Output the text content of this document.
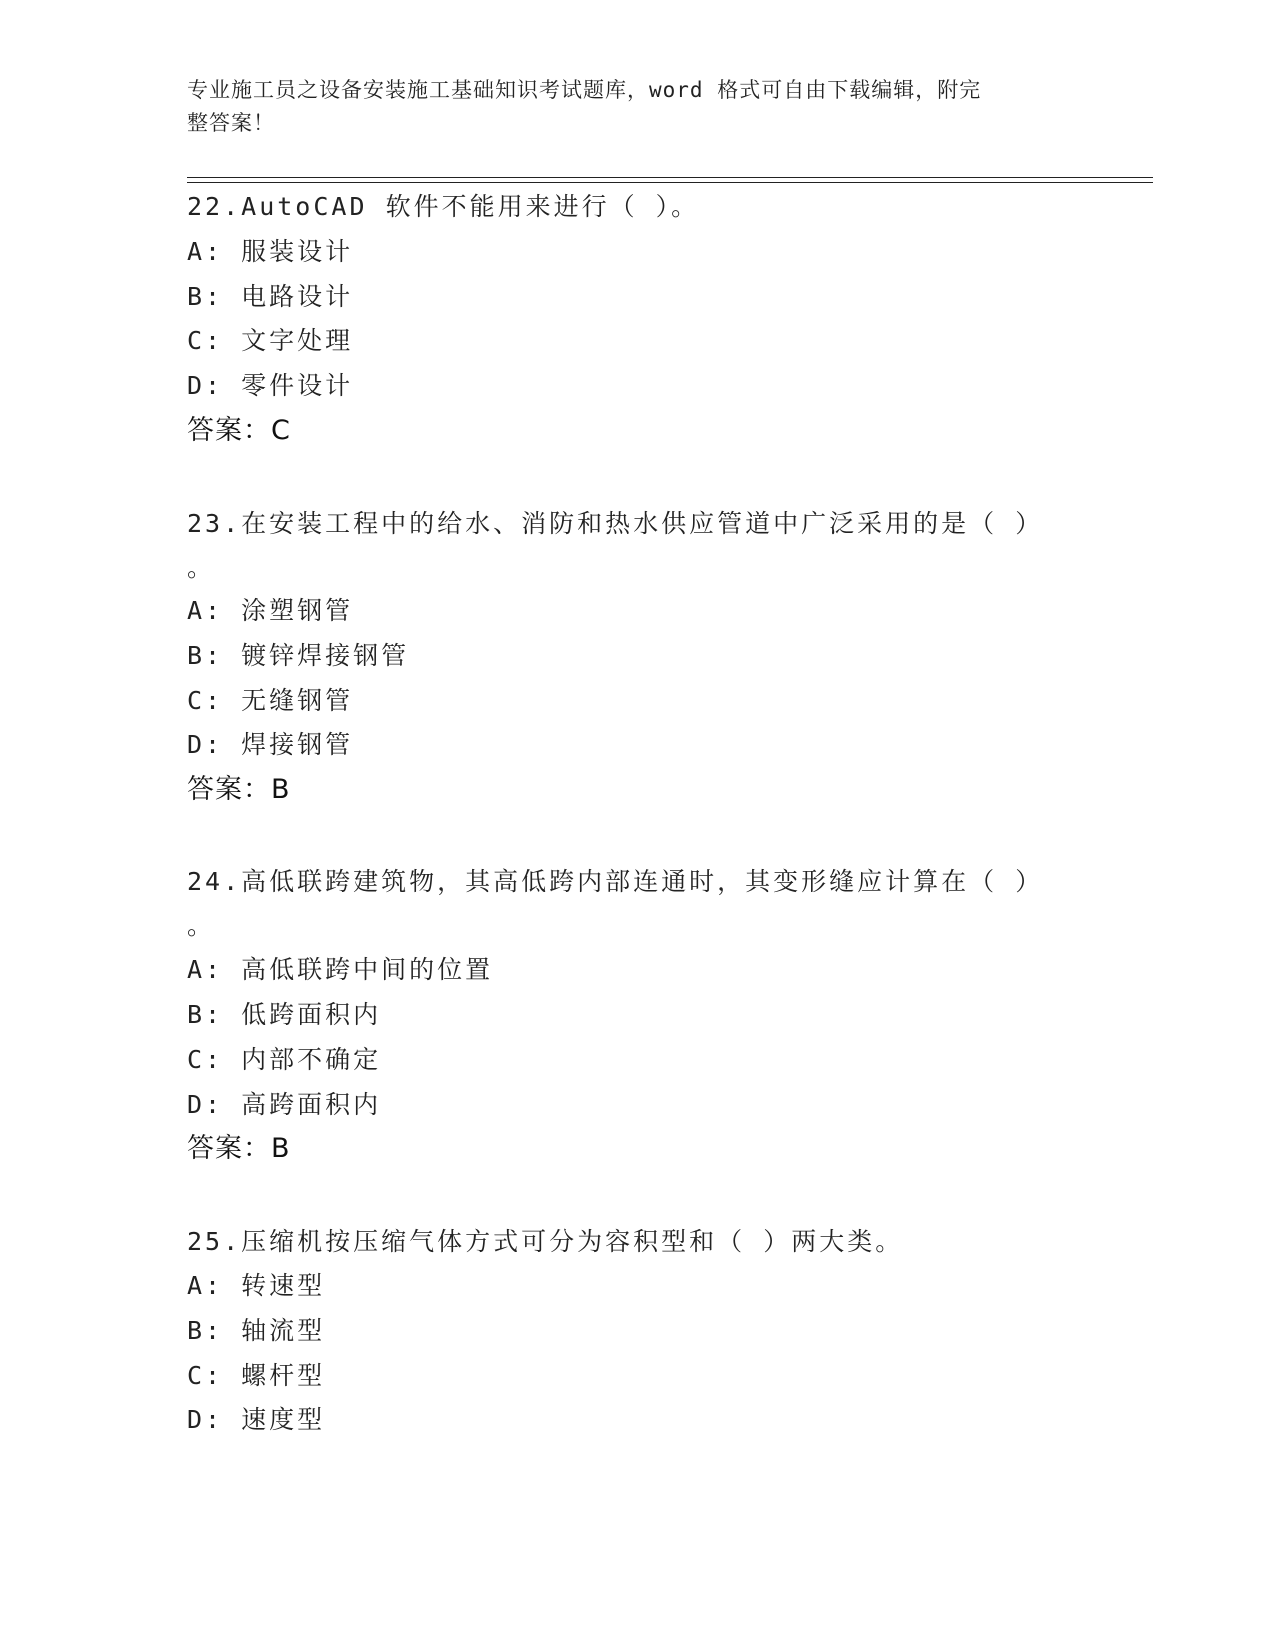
专业施工员之设备安装施工基础知识考试题库，word 格式可自由下载编辑，附完
整答案！
22.AutoCAD 软件不能用来进行（ ）。
A: 服装设计
B: 电路设计
C: 文字处理
D: 零件设计
答案：C
23.在安装工程中的给水、消防和热水供应管道中广泛采用的是（ ）
。
A: 涂塑钢管
B: 镀锌焊接钢管
C: 无缝钢管
D: 焊接钢管
答案：B
24.高低联跨建筑物，其高低跨内部连通时，其变形缝应计算在（ ）
。
A: 高低联跨中间的位置
B: 低跨面积内
C: 内部不确定
D: 高跨面积内
答案：B
25.压缩机按压缩气体方式可分为容积型和（ ）两大类。
A: 转速型
B: 轴流型
C: 螺杆型
D: 速度型
